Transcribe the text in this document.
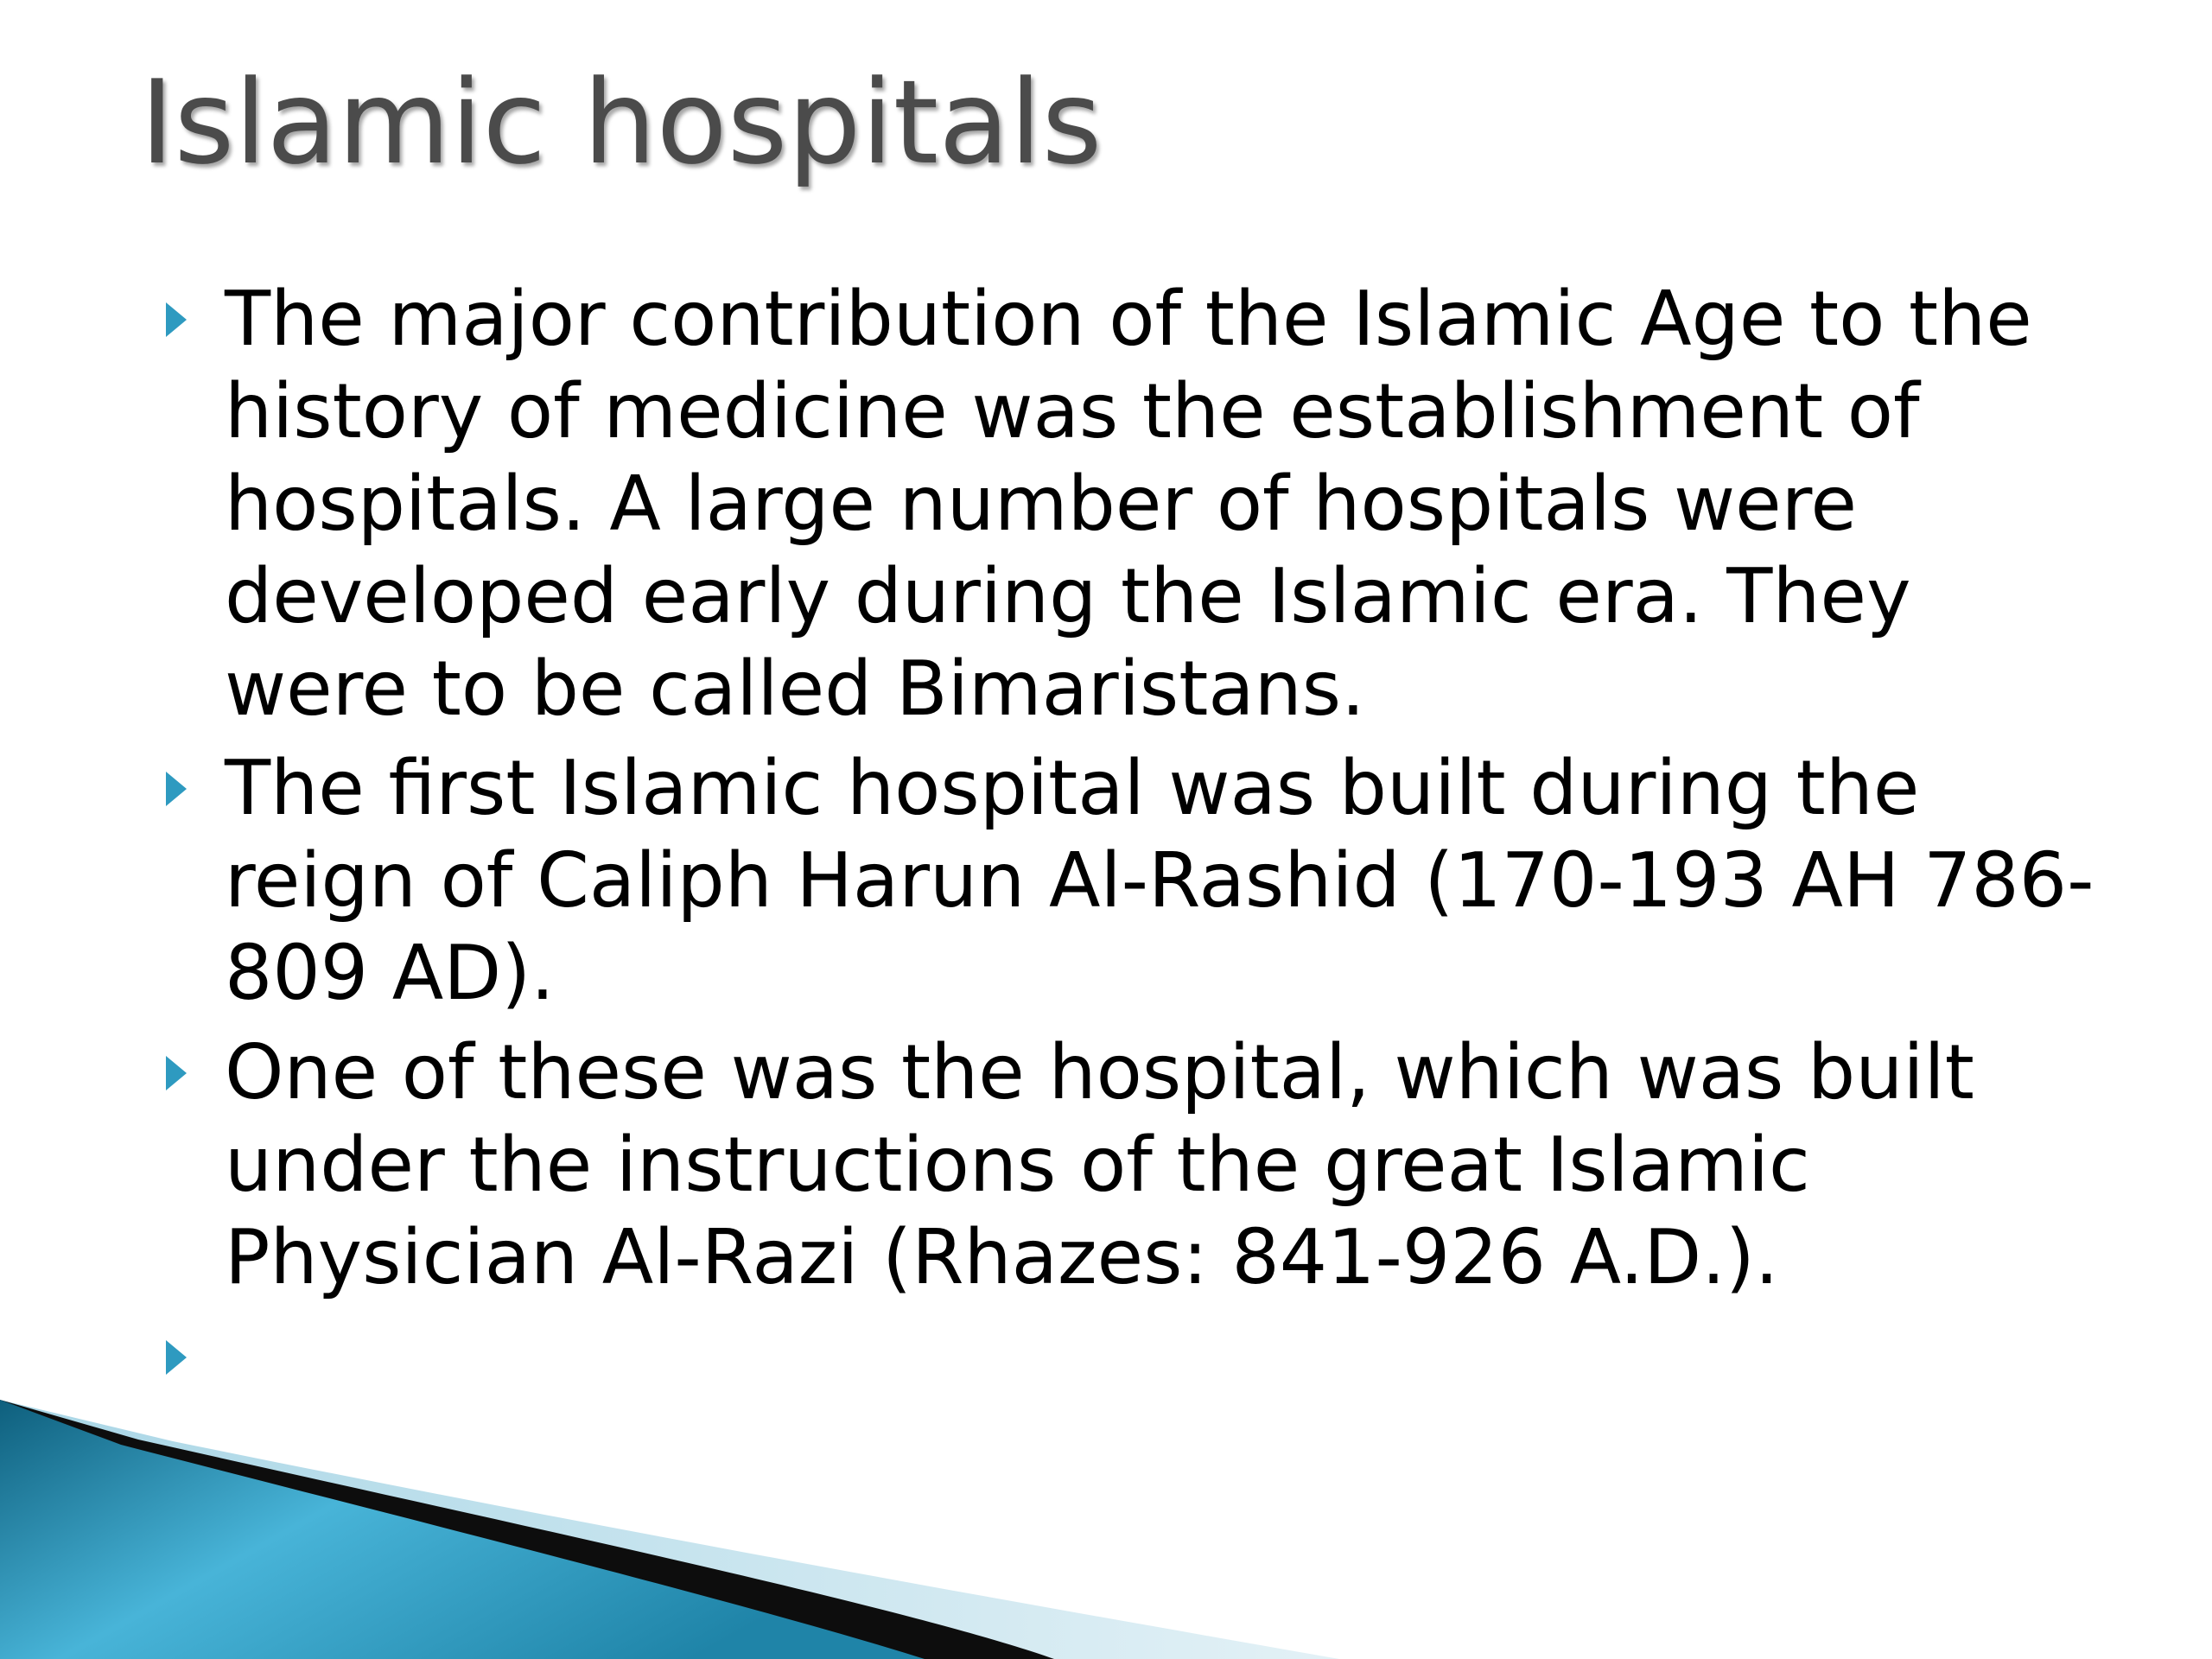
Islamic hospitals
The major contribution of the Islamic Age to the history of medicine was the establishment of hospitals. A large number of hospitals were developed early during the Islamic era. They were to be called Bimaristans.
The first Islamic hospital was built during the reign of Caliph Harun Al-Rashid (170-193 AH 786-809 AD).
One of these was the hospital, which was built under the instructions of the great Islamic Physician Al-Razi (Rhazes: 841-926 A.D.).
